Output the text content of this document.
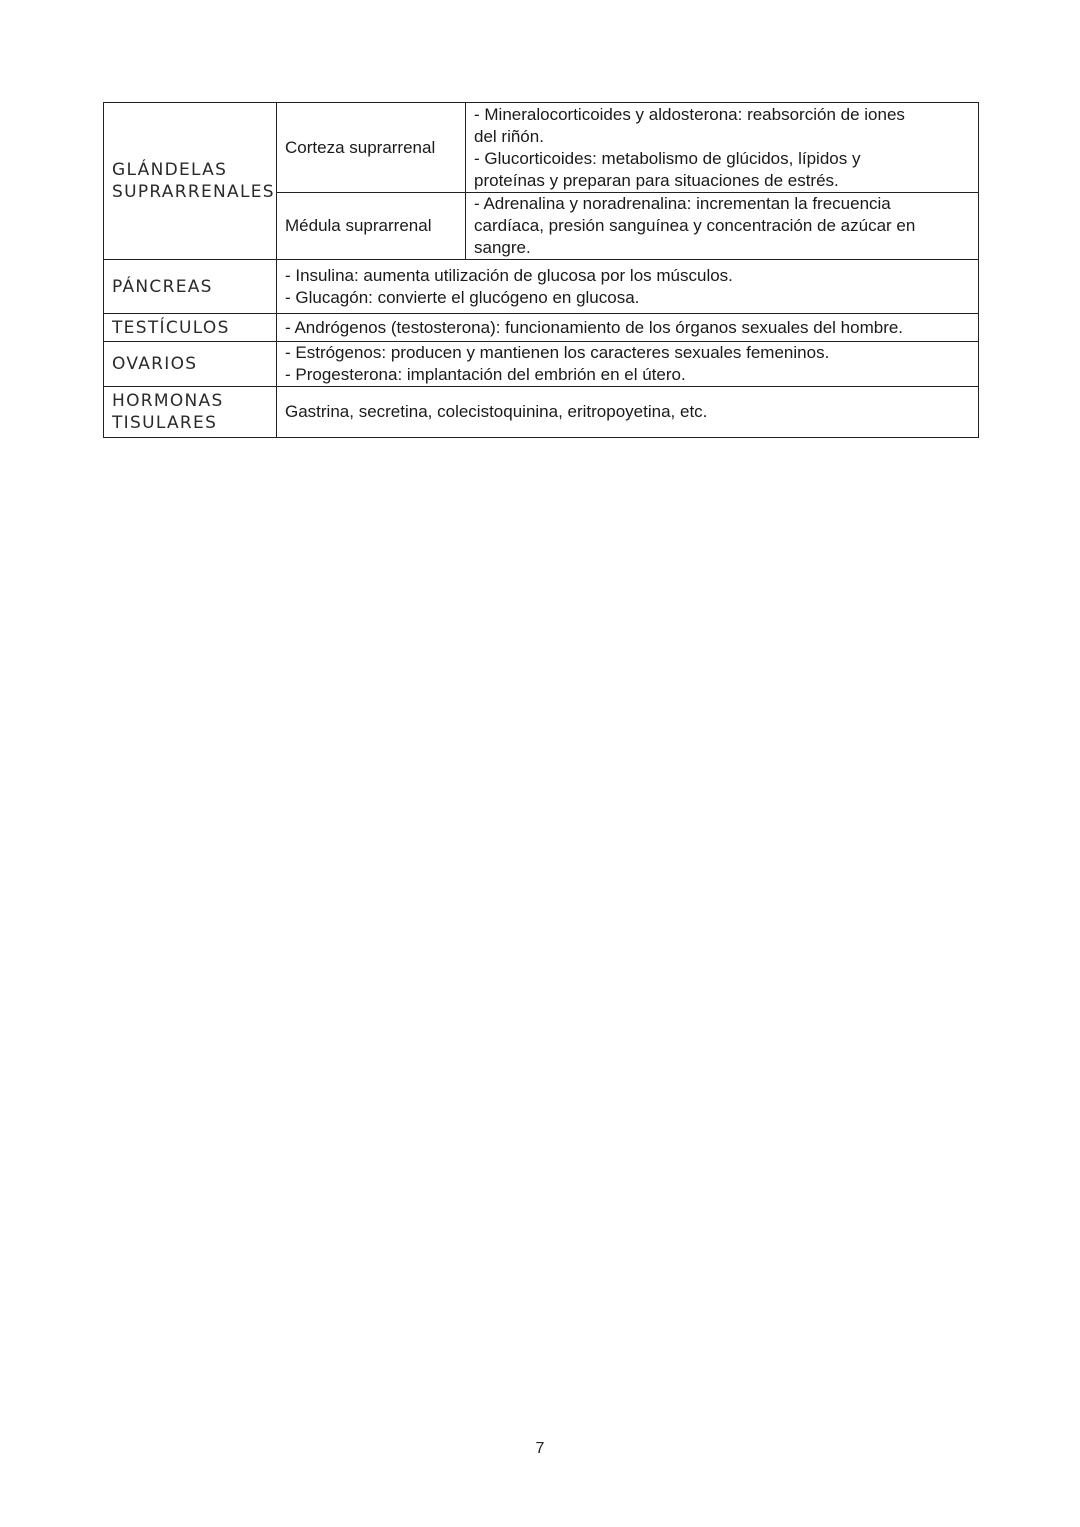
GLÁNDELAS
SUPRARRENALES	Corteza suprarrenal	- Mineralocorticoides y aldosterona: reabsorción de iones
del riñón.
- Glucorticoides: metabolismo de glúcidos, lípidos y
proteínas y preparan para situaciones de estrés.

	Médula suprarrenal	- Adrenalina y noradrenalina: incrementan la frecuencia
cardíaca, presión sanguínea y concentración de azúcar en
sangre.

PÁNCREAS	- Insulina: aumenta utilización de glucosa por los músculos.
- Glucagón: convierte el glucógeno en glucosa.	

TESTÍCULOS	- Andrógenos (testosterona): funcionamiento de los órganos sexuales del hombre.	

OVARIOS	- Estrógenos: producen y mantienen los caracteres sexuales femeninos.
- Progesterona: implantación del embrión en el útero.	

HORMONAS
TISULARES	Gastrina, secretina, colecistoquinina, eritropoyetina, etc.	
7
